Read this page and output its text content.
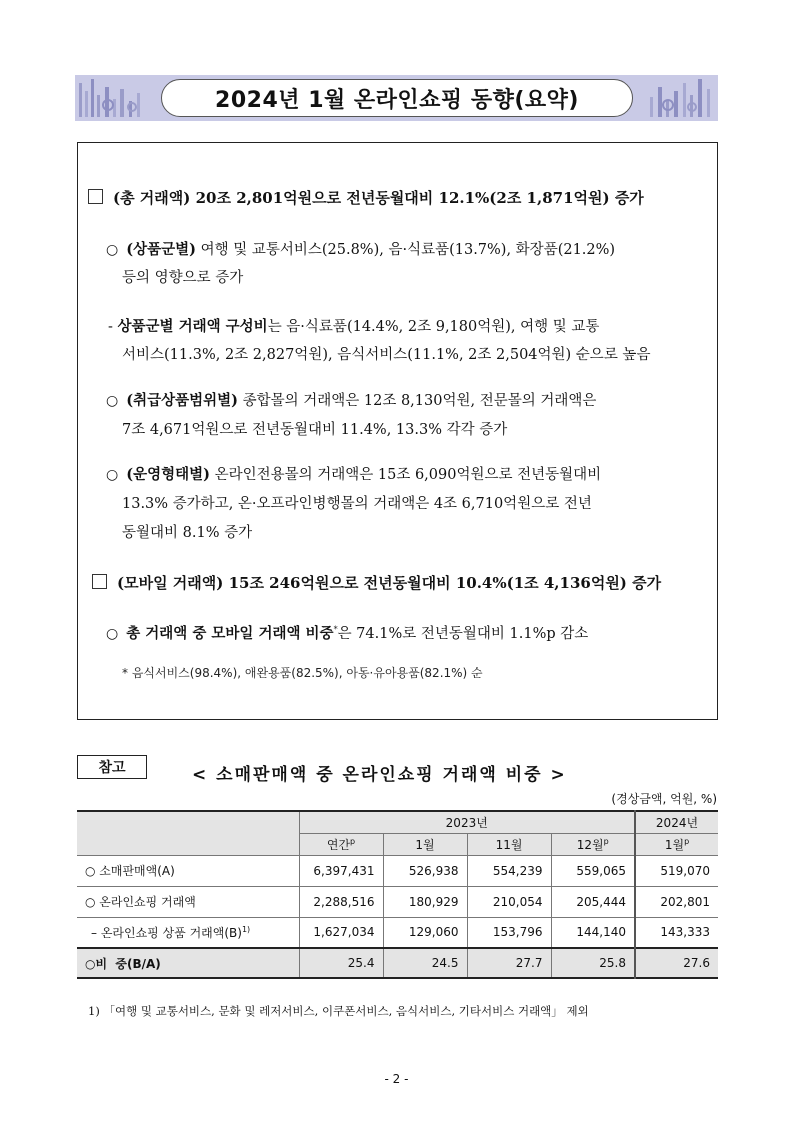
2024년 1월 온라인쇼핑 동향(요약)
(총 거래액) 20조 2,801억원으로 전년동월대비 12.1%(2조 1,871억원) 증가
○ (상품군별) 여행 및 교통서비스(25.8%), 음·식료품(13.7%), 화장품(21.2%)
등의 영향으로 증가
- 상품군별 거래액 구성비는 음·식료품(14.4%, 2조 9,180억원), 여행 및 교통
서비스(11.3%, 2조 2,827억원), 음식서비스(11.1%, 2조 2,504억원) 순으로 높음
○ (취급상품범위별) 종합몰의 거래액은 12조 8,130억원, 전문몰의 거래액은
7조 4,671억원으로 전년동월대비 11.4%, 13.3% 각각 증가
○ (운영형태별) 온라인전용몰의 거래액은 15조 6,090억원으로 전년동월대비
13.3% 증가하고, 온·오프라인병행몰의 거래액은 4조 6,710억원으로 전년
동월대비 8.1% 증가
(모바일 거래액) 15조 246억원으로 전년동월대비 10.4%(1조 4,136억원) 증가
○ 총 거래액 중 모바일 거래액 비중*은 74.1%로 전년동월대비 1.1%p 감소
* 음식서비스(98.4%), 애완용품(82.5%), 아동·유아용품(82.1%) 순
참고	< 소매판매액 중 온라인쇼핑 거래액 비중 >
(경상금액, 억원, %)
	2023년				2024년
	연간$^p$	1월	11월	12월$^p$	1월$^p$
○ 소매판매액(A)	6,397,431	526,938	554,239	559,065	519,070
○ 온라인쇼핑 거래액	2,288,516	180,929	210,054	205,444	202,801
– 온라인쇼핑 상품 거래액$(B)^{1)}$	1,627,034	129,060	153,796	144,140	143,333
○비  중(B/A)	25.4	24.5	27.7	25.8	27.6
1) 「여행 및 교통서비스, 문화 및 레저서비스, 이쿠폰서비스, 음식서비스, 기타서비스 거래액」 제외
- 2 -
